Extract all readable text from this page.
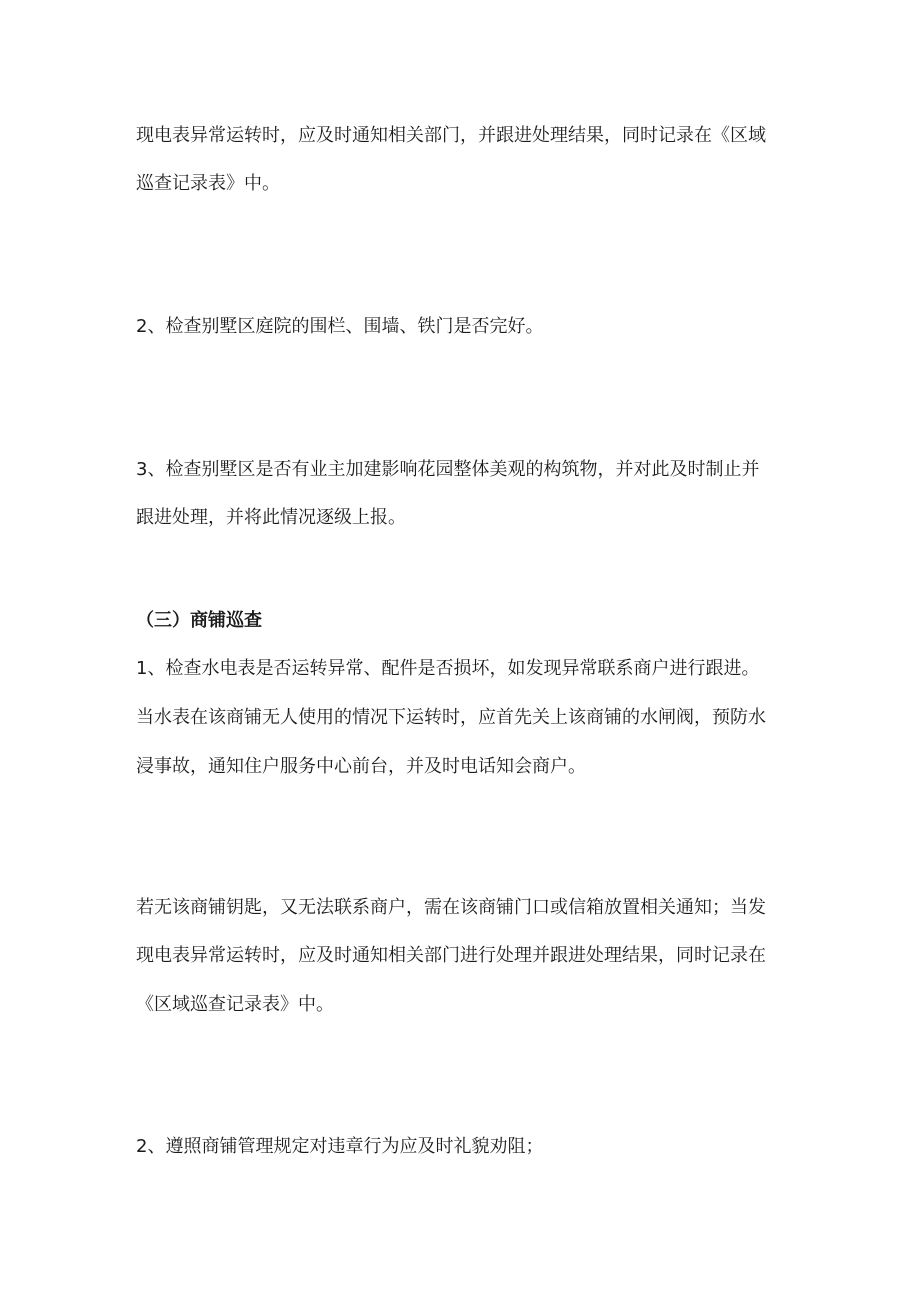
现电表异常运转时，应及时通知相关部门，并跟进处理结果，同时记录在《区域
巡查记录表》中。
2、检查别墅区庭院的围栏、围墙、铁门是否完好。
3、检查别墅区是否有业主加建影响花园整体美观的构筑物，并对此及时制止并
跟进处理，并将此情况逐级上报。
（三）商铺巡查
1、检查水电表是否运转异常、配件是否损坏，如发现异常联系商户进行跟进。
当水表在该商铺无人使用的情况下运转时，应首先关上该商铺的水闸阀，预防水
浸事故，通知住户服务中心前台，并及时电话知会商户。
若无该商铺钥匙，又无法联系商户，需在该商铺门口或信箱放置相关通知；当发
现电表异常运转时，应及时通知相关部门进行处理并跟进处理结果，同时记录在
《区域巡查记录表》中。
2、遵照商铺管理规定对违章行为应及时礼貌劝阻；
